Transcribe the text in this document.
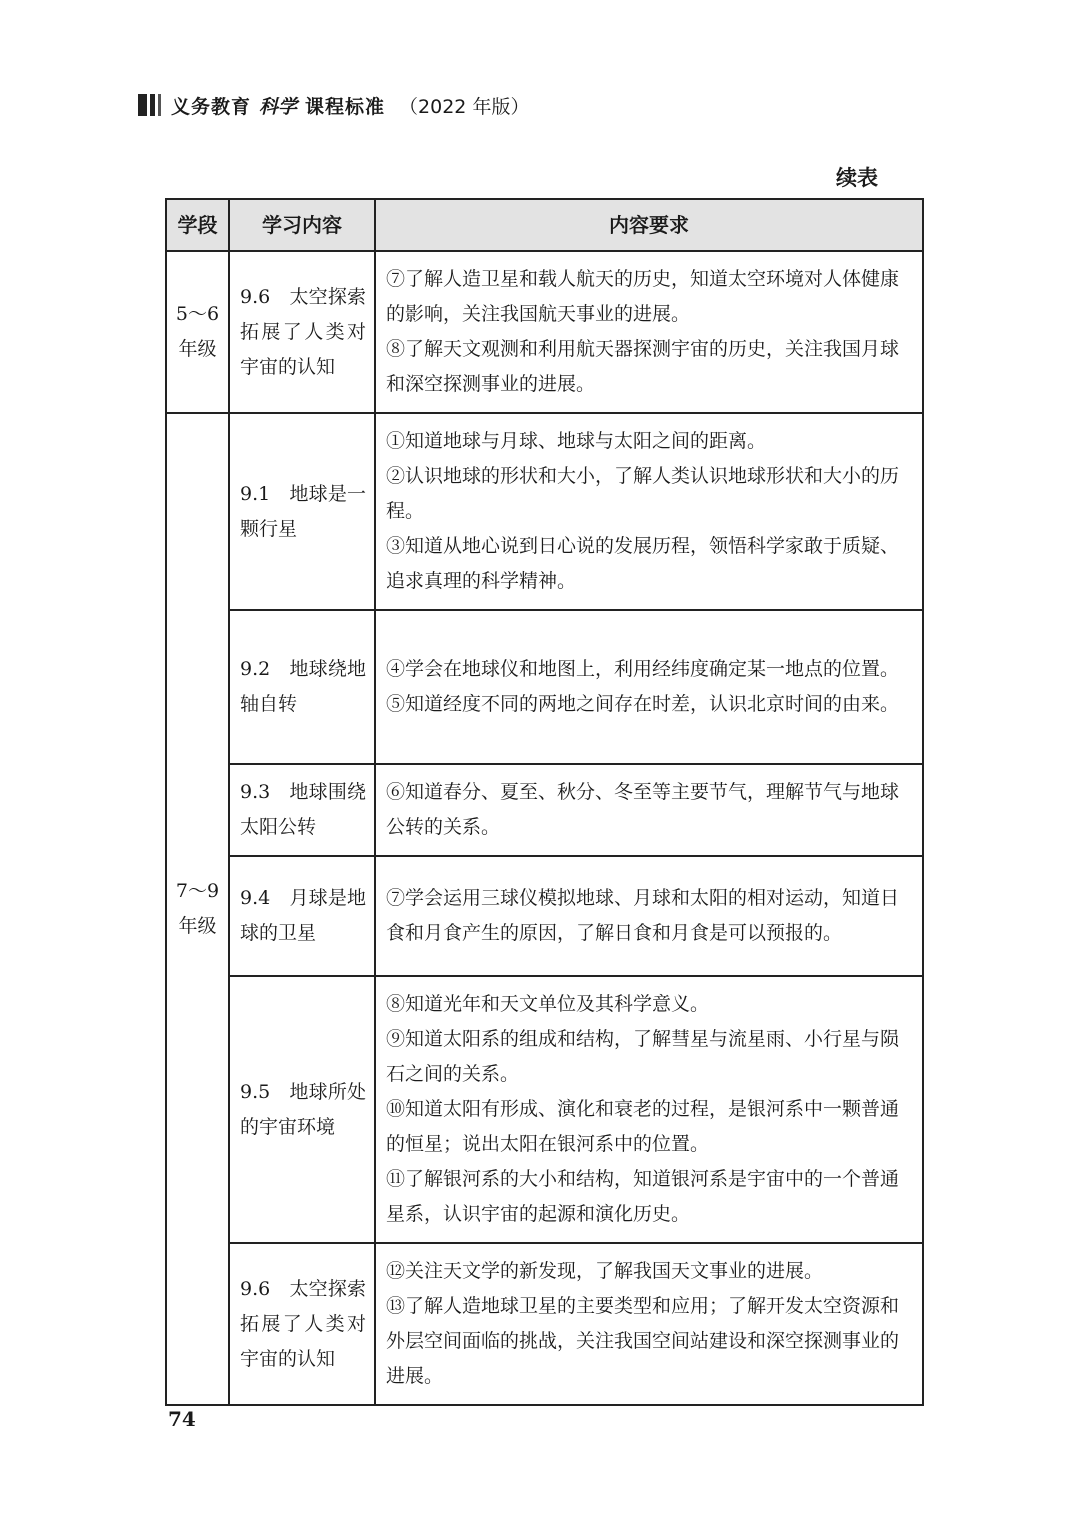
义务教育 科学 课程标准 （2022 年版）
续表
学段	学习内容	内容要求
5～6年级	9.6　太空探索拓展了人类对宇宙的认知	⑦了解人造卫星和载人航天的历史，知道太空环境对人体健康的影响，关注我国航天事业的进展。

⑧了解天文观测和利用航天器探测宇宙的历史，关注我国月球和深空探测事业的进展。

7～9年级	9.1　地球是一颗行星	①知道地球与月球、地球与太阳之间的距离。

②认识地球的形状和大小，了解人类认识地球形状和大小的历程。

③知道从地心说到日心说的发展历程，领悟科学家敢于质疑、追求真理的科学精神。

	9.2　地球绕地轴自转	④学会在地球仪和地图上，利用经纬度确定某一地点的位置。

⑤知道经度不同的两地之间存在时差，认识北京时间的由来。

	9.3　地球围绕太阳公转	⑥知道春分、夏至、秋分、冬至等主要节气，理解节气与地球公转的关系。

	9.4　月球是地球的卫星	⑦学会运用三球仪模拟地球、月球和太阳的相对运动，知道日食和月食产生的原因，了解日食和月食是可以预报的。

	9.5　地球所处的宇宙环境	⑧知道光年和天文单位及其科学意义。

⑨知道太阳系的组成和结构，了解彗星与流星雨、小行星与陨石之间的关系。

⑩知道太阳有形成、演化和衰老的过程，是银河系中一颗普通的恒星；说出太阳在银河系中的位置。

⑪了解银河系的大小和结构，知道银河系是宇宙中的一个普通星系，认识宇宙的起源和演化历史。

	9.6　太空探索拓展了人类对宇宙的认知	⑫关注天文学的新发现，了解我国天文事业的进展。

⑬了解人造地球卫星的主要类型和应用；了解开发太空资源和外层空间面临的挑战，关注我国空间站建设和深空探测事业的进展。

74
